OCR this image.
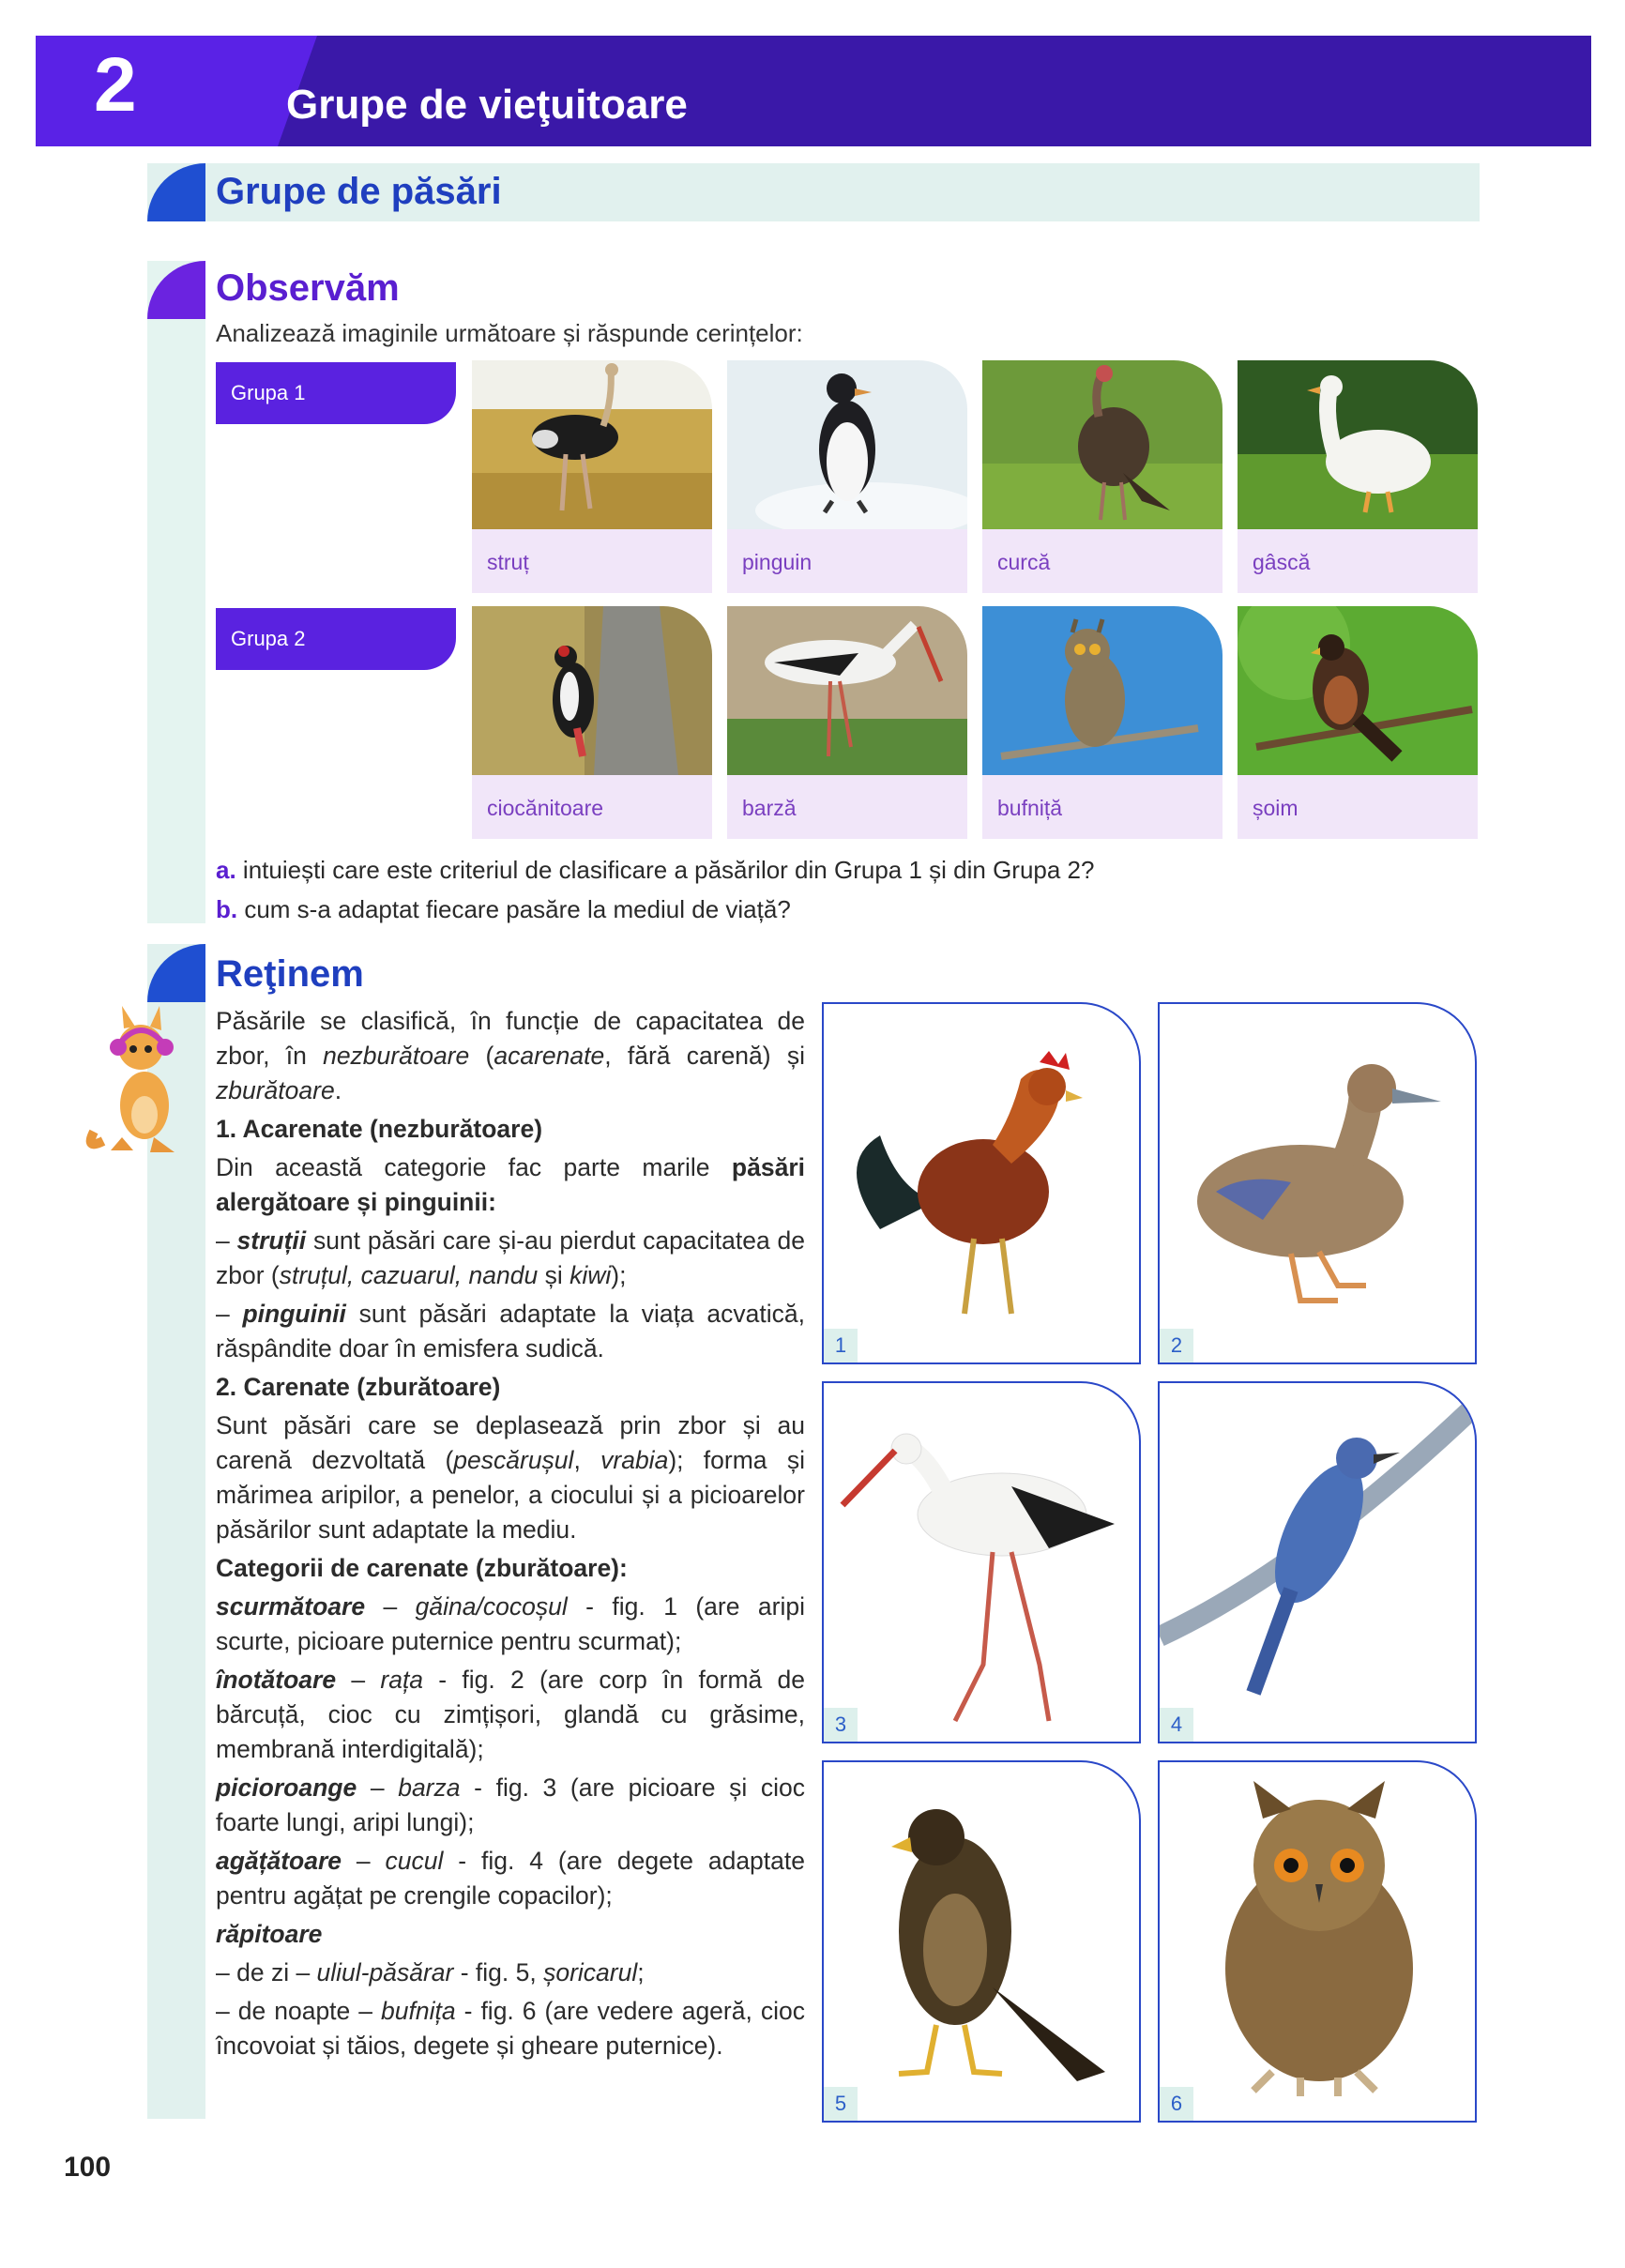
2	Grupe de vieţuitoare
Grupe de păsări
Observăm
Analizează imaginile următoare și răspunde cerințelor:
Grupa 1
Grupa 2
struț	pinguin	curcă	gâscă
ciocănitoare	barză	bufniță	șoim
a. intuiești care este criteriul de clasificare a păsărilor din Grupa 1 și din Grupa 2?
b. cum s-a adaptat fiecare pasăre la mediul de viață?
Reţinem

Păsările se clasifică, în funcție de capacitatea de zbor, în nezburătoare (acarenate, fără carenă) și zburătoare.

1. Acarenate (nezburătoare)

Din această categorie fac parte marile păsări alergătoare și pinguinii:

– struții sunt păsări care și-au pierdut capacitatea de zbor (struțul, cazuarul, nandu și kiwi);

– pinguinii sunt păsări adaptate la viața acvatică, răspândite doar în emisfera sudică.

2. Carenate (zburătoare)

Sunt păsări care se deplasează prin zbor și au carenă dezvoltată (pescărușul, vrabia); forma și mărimea aripilor, a penelor, a ciocului și a picioarelor păsărilor sunt adaptate la mediu.

Categorii de carenate (zburătoare):

scurmătoare – găina/cocoșul - fig. 1 (are aripi scurte, picioare puternice pentru scurmat);

înotătoare – rața - fig. 2 (are corp în formă de bărcuță, cioc cu zimțișori, glandă cu grăsime, membrană interdigitală);

picioroange – barza - fig. 3 (are picioare și cioc foarte lungi, aripi lungi);

agățătoare – cucul - fig. 4 (are degete adaptate pentru agățat pe crengile copacilor);

răpitoare

– de zi – uliul-păsărar - fig. 5, șoricarul;

– de noapte – bufnița - fig. 6 (are vedere ageră, cioc încovoiat și tăios, degete și gheare puternice).

1	2
3	4
5	6
100
